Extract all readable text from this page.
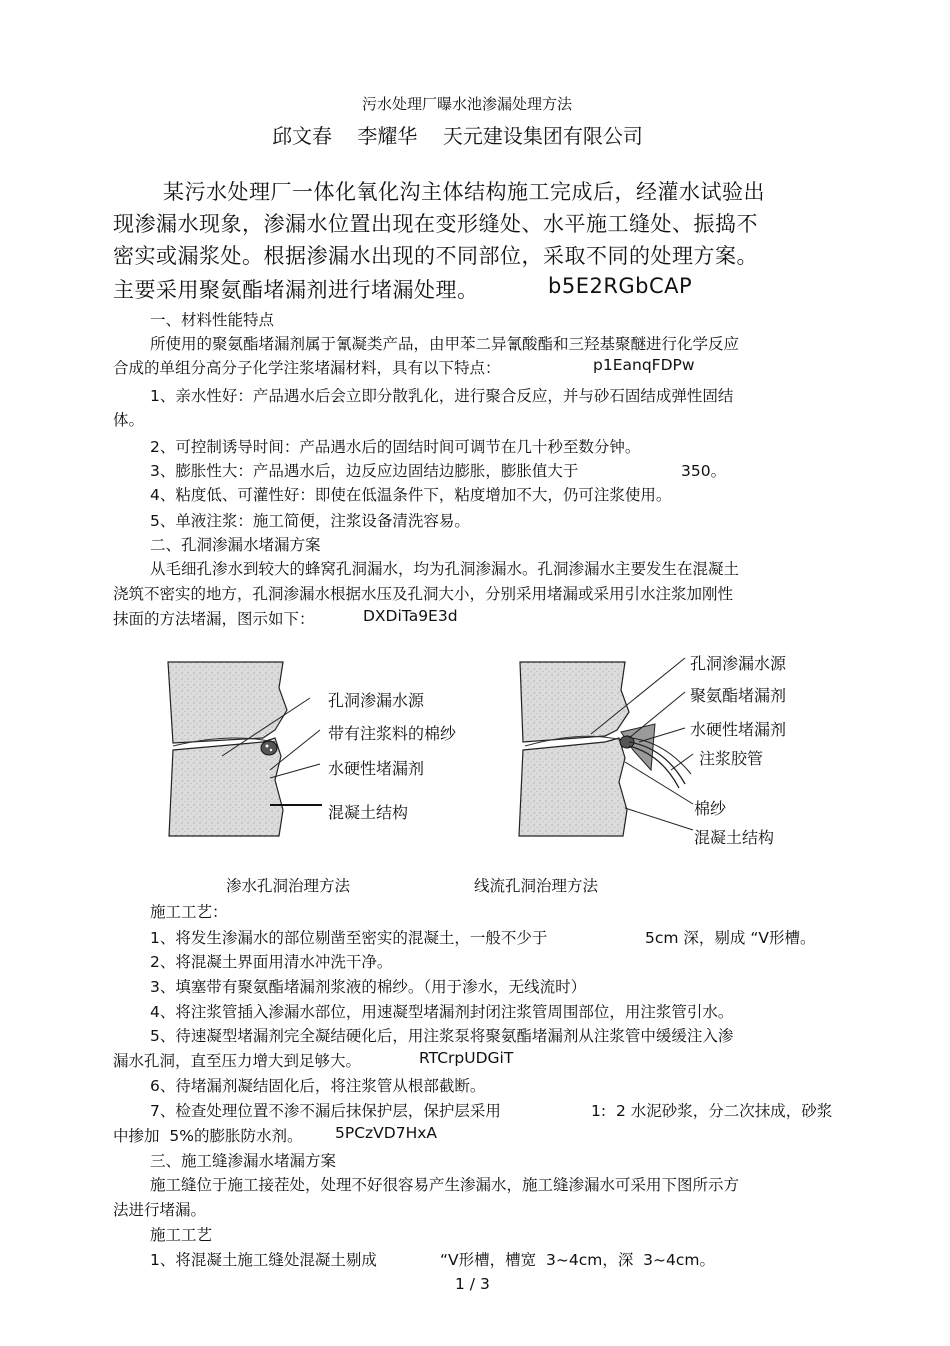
污水处理厂曝水池渗漏处理方法
邱文春    李耀华    天元建设集团有限公司
某污水处理厂一体化氧化沟主体结构施工完成后，经灌水试验出
现渗漏水现象，渗漏水位置出现在变形缝处、水平施工缝处、振捣不
密实或漏浆处。根据渗漏水出现的不同部位，采取不同的处理方案。
主要采用聚氨酯堵漏剂进行堵漏处理。	b5E2RGbCAP
一、材料性能特点
所使用的聚氨酯堵漏剂属于氰凝类产品，由甲苯二异氰酸酯和三羟基聚醚进行化学反应
合成的单组分高分子化学注浆堵漏材料，具有以下特点：	p1EanqFDPw
1、亲水性好：产品遇水后会立即分散乳化，进行聚合反应，并与砂石固结成弹性固结
体。
2、可控制诱导时间：产品遇水后的固结时间可调节在几十秒至数分钟。
3、膨胀性大：产品遇水后，边反应边固结边膨胀，膨胀值大于	350。
4、粘度低、可灌性好：即使在低温条件下，粘度增加不大，仍可注浆使用。
5、单液注浆：施工简便，注浆设备清洗容易。
二、孔洞渗漏水堵漏方案
从毛细孔渗水到较大的蜂窝孔洞漏水，均为孔洞渗漏水。孔洞渗漏水主要发生在混凝土
浇筑不密实的地方，孔洞渗漏水根据水压及孔洞大小，分别采用堵漏或采用引水注浆加刚性
抹面的方法堵漏，图示如下：	DXDiTa9E3d
孔洞渗漏水源
带有注浆料的棉纱
水硬性堵漏剂
混凝土结构
渗水孔洞治理方法
孔洞渗漏水源
聚氨酯堵漏剂
水硬性堵漏剂
注浆胶管
棉纱
混凝土结构
线流孔洞治理方法
施工工艺：
1、将发生渗漏水的部位剔凿至密实的混凝土，一般不少于	5cm 深，剔成 “V形槽。
2、将混凝土界面用清水冲洗干净。
3、填塞带有聚氨酯堵漏剂浆液的棉纱。（用于渗水，无线流时）
4、将注浆管插入渗漏水部位，用速凝型堵漏剂封闭注浆管周围部位，用注浆管引水。
5、待速凝型堵漏剂完全凝结硬化后，用注浆泵将聚氨酯堵漏剂从注浆管中缓缓注入渗
漏水孔洞，直至压力增大到足够大。	RTCrpUDGiT
6、待堵漏剂凝结固化后，将注浆管从根部截断。
7、检查处理位置不渗不漏后抹保护层，保护层采用	1:  2 水泥砂浆，分二次抹成，砂浆
中掺加  5%的膨胀防水剂。 5PCzVD7HxA
三、施工缝渗漏水堵漏方案
施工缝位于施工接茬处，处理不好很容易产生渗漏水，施工缝渗漏水可采用下图所示方
法进行堵漏。
施工工艺
1、将混凝土施工缝处混凝土剔成	“V形槽，槽宽  3~4cm，深  3~4cm。
1 / 3
